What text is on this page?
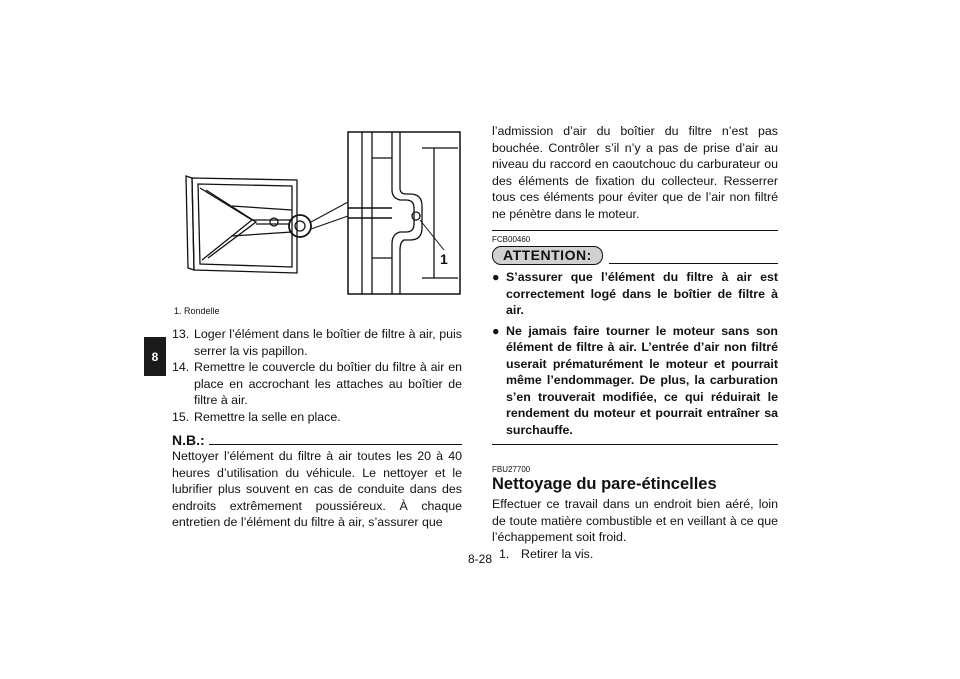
8
1
1. Rondelle
13. Loger l’élément dans le boîtier de filtre à air, puis serrer la vis papillon.
14. Remettre le couvercle du boîtier du filtre à air en place en accrochant les attaches au boîtier de filtre à air.
15. Remettre la selle en place.
N.B.:
Nettoyer l’élément du filtre à air toutes les 20 à 40 heures d’utilisation du véhicule. Le nettoyer et le lubrifier plus souvent en cas de conduite dans des endroits extrêmement poussiéreux. À chaque entretien de l’élément du filtre à air, s’assurer que
l’admission d’air du boîtier du filtre n’est pas bouchée. Contrôler s’il n’y a pas de prise d’air au niveau du raccord en caoutchouc du carburateur ou des éléments de fixation du collecteur. Resserrer tous ces éléments pour éviter que de l’air non filtré ne pénètre dans le moteur.
FCB00460
ATTENTION:
● S’assurer que l’élément du filtre à air est correctement logé dans le boîtier de filtre à air.
● Ne jamais faire tourner le moteur sans son élément de filtre à air. L’entrée d’air non filtré userait prématurément le moteur et pourrait même l’endommager. De plus, la carburation s’en trouverait modifiée, ce qui réduirait le rendement du moteur et pourrait entraîner sa surchauffe.
FBU27700
Nettoyage du pare-étincelles
Effectuer ce travail dans un endroit bien aéré, loin de toute matière combustible et en veillant à ce que l’échappement soit froid.
1. Retirer la vis.
8-28
